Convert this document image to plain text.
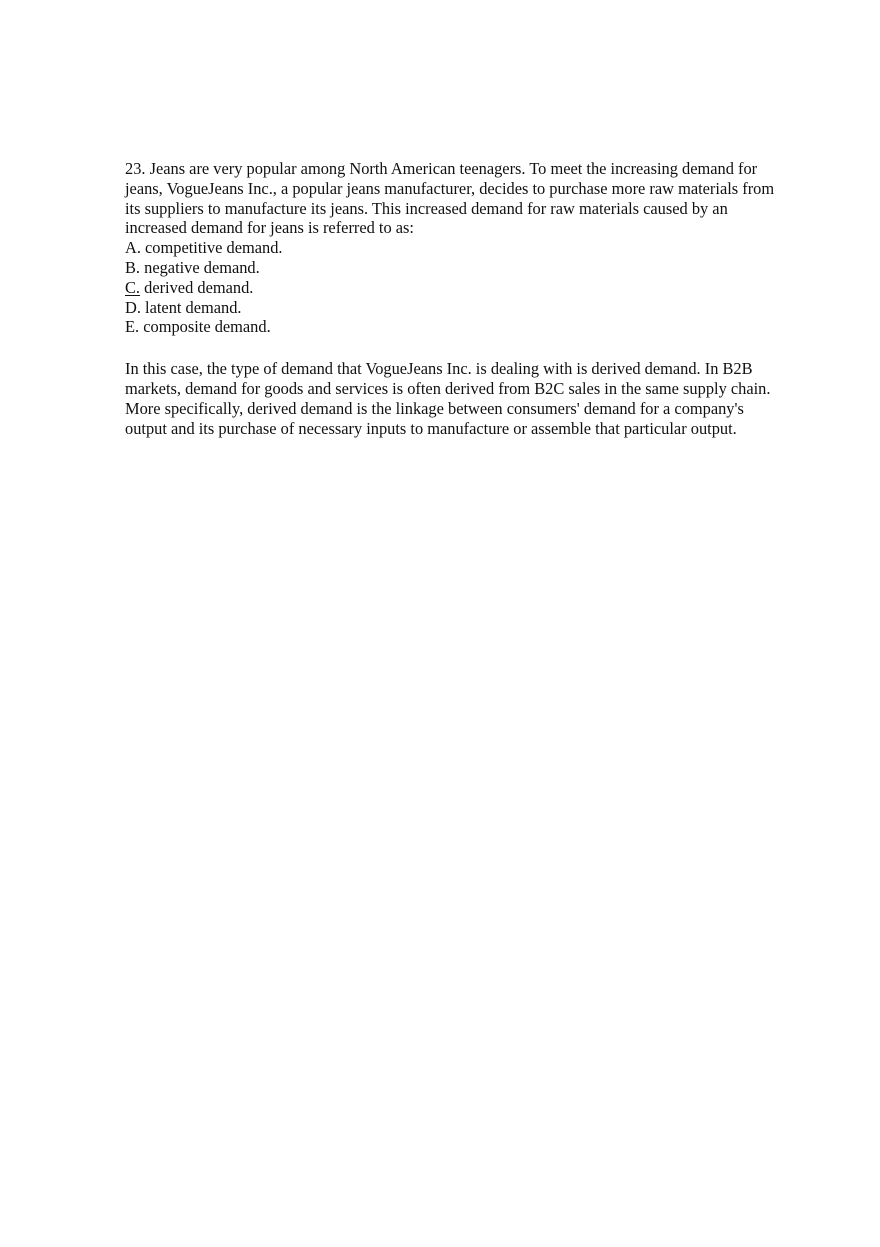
23. Jeans are very popular among North American teenagers. To meet the increasing demand for jeans, VogueJeans Inc., a popular jeans manufacturer, decides to purchase more raw materials from its suppliers to manufacture its jeans. This increased demand for raw materials caused by an increased demand for jeans is referred to as:

A. competitive demand.
B. negative demand.
C. derived demand.
D. latent demand.
E. composite demand.

In this case, the type of demand that VogueJeans Inc. is dealing with is derived demand. In B2B markets, demand for goods and services is often derived from B2C sales in the same supply chain. More specifically, derived demand is the linkage between consumers' demand for a company's output and its purchase of necessary inputs to manufacture or assemble that particular output.
